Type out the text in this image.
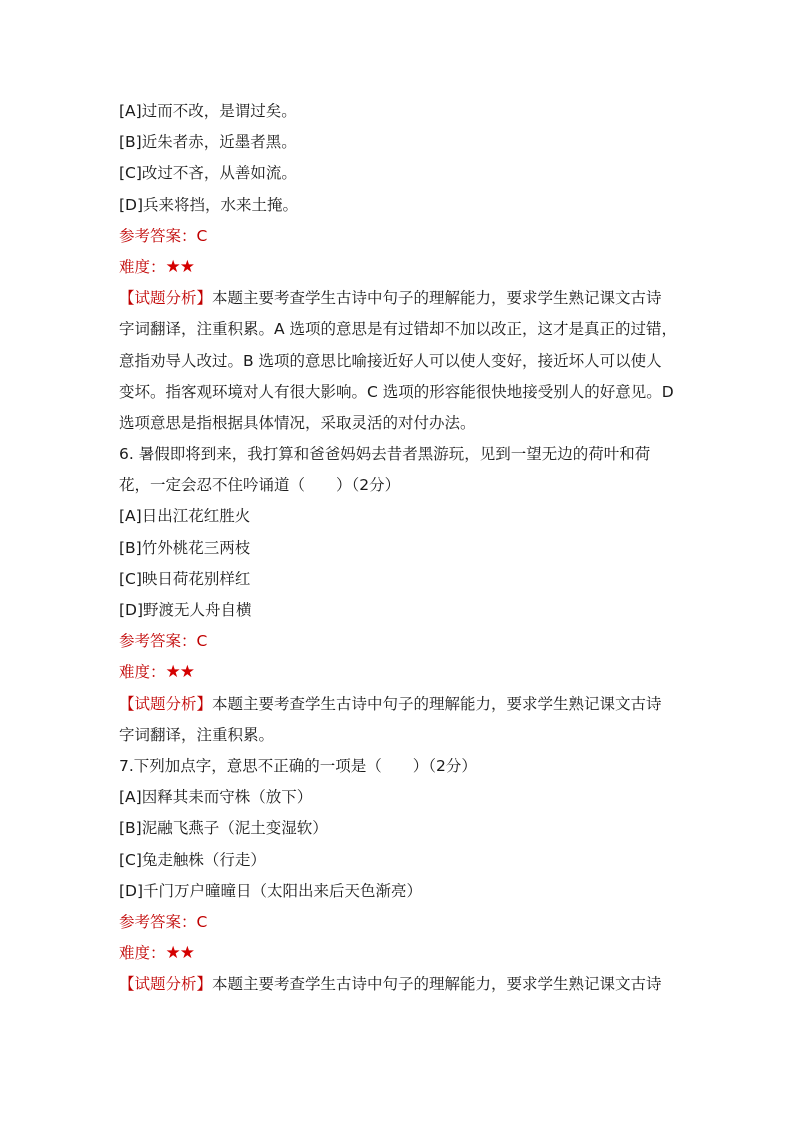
[A]过而不改，是谓过矣。
[B]近朱者赤，近墨者黑。
[C]改过不吝，从善如流。
[D]兵来将挡，水来土掩。
参考答案：C
难度：★★
【试题分析】本题主要考查学生古诗中句子的理解能力，要求学生熟记课文古诗
字词翻译，注重积累。A 选项的意思是有过错却不加以改正，这才是真正的过错，
意指劝导人改过。B 选项的意思比喻接近好人可以使人变好，接近坏人可以使人
变坏。指客观环境对人有很大影响。C 选项的形容能很快地接受别人的好意见。D
选项意思是指根据具体情况，采取灵活的对付办法。
6. 暑假即将到来，我打算和爸爸妈妈去昔者黑游玩，见到一望无边的荷叶和荷
花，一定会忍不住吟诵道（　　）（2分）
[A]日出江花红胜火
[B]竹外桃花三两枝
[C]映日荷花别样红
[D]野渡无人舟自横
参考答案：C
难度：★★
【试题分析】本题主要考查学生古诗中句子的理解能力，要求学生熟记课文古诗
字词翻译，注重积累。
7.下列加点字，意思不正确的一项是（　　）（2分）
[A]因释其耒而守株（放下）
[B]泥融飞燕子（泥土变湿软）
[C]兔走触株（行走）
[D]千门万户曈曈日（太阳出来后天色渐亮）
参考答案：C
难度：★★
【试题分析】本题主要考查学生古诗中句子的理解能力，要求学生熟记课文古诗
